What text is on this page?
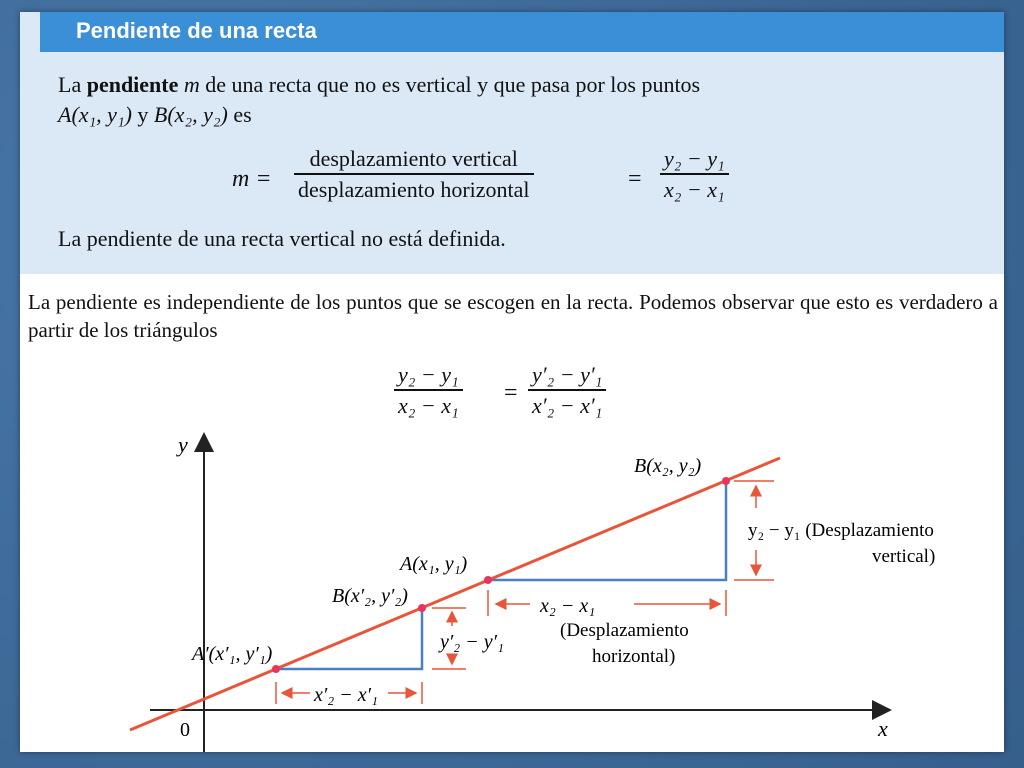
Pendiente de una recta
La pendiente m de una recta que no es vertical y que pasa por los puntos
A(x₁, y₁) y B(x₂, y₂) es
m =
desplazamiento vertical
desplazamiento horizontal	= $\frac{\text{y₂ − y₁}}{\text{x₂ − x₁}}$
La pendiente de una recta vertical no está definida.
La pendiente es independiente de los puntos que se escogen en la recta. Podemos observar que esto es verdadero a partir de los triángulos
$\frac{\text{y₂ − y₁}}{\text{x₂ − x₁}} = \frac{\text{y′₂ − y′₁}}{\text{x′₂ − x′₁}}$
y
x
0
x′₂ − x′₁
y′₂ − y′₁
x₂ − x₁
(Desplazamiento
horizontal)
y₂ − y₁ (Desplazamiento
vertical)
B(x₂, y₂)
A(x₁, y₁)
B(x′₂, y′₂)
A′(x′₁, y′₁)
